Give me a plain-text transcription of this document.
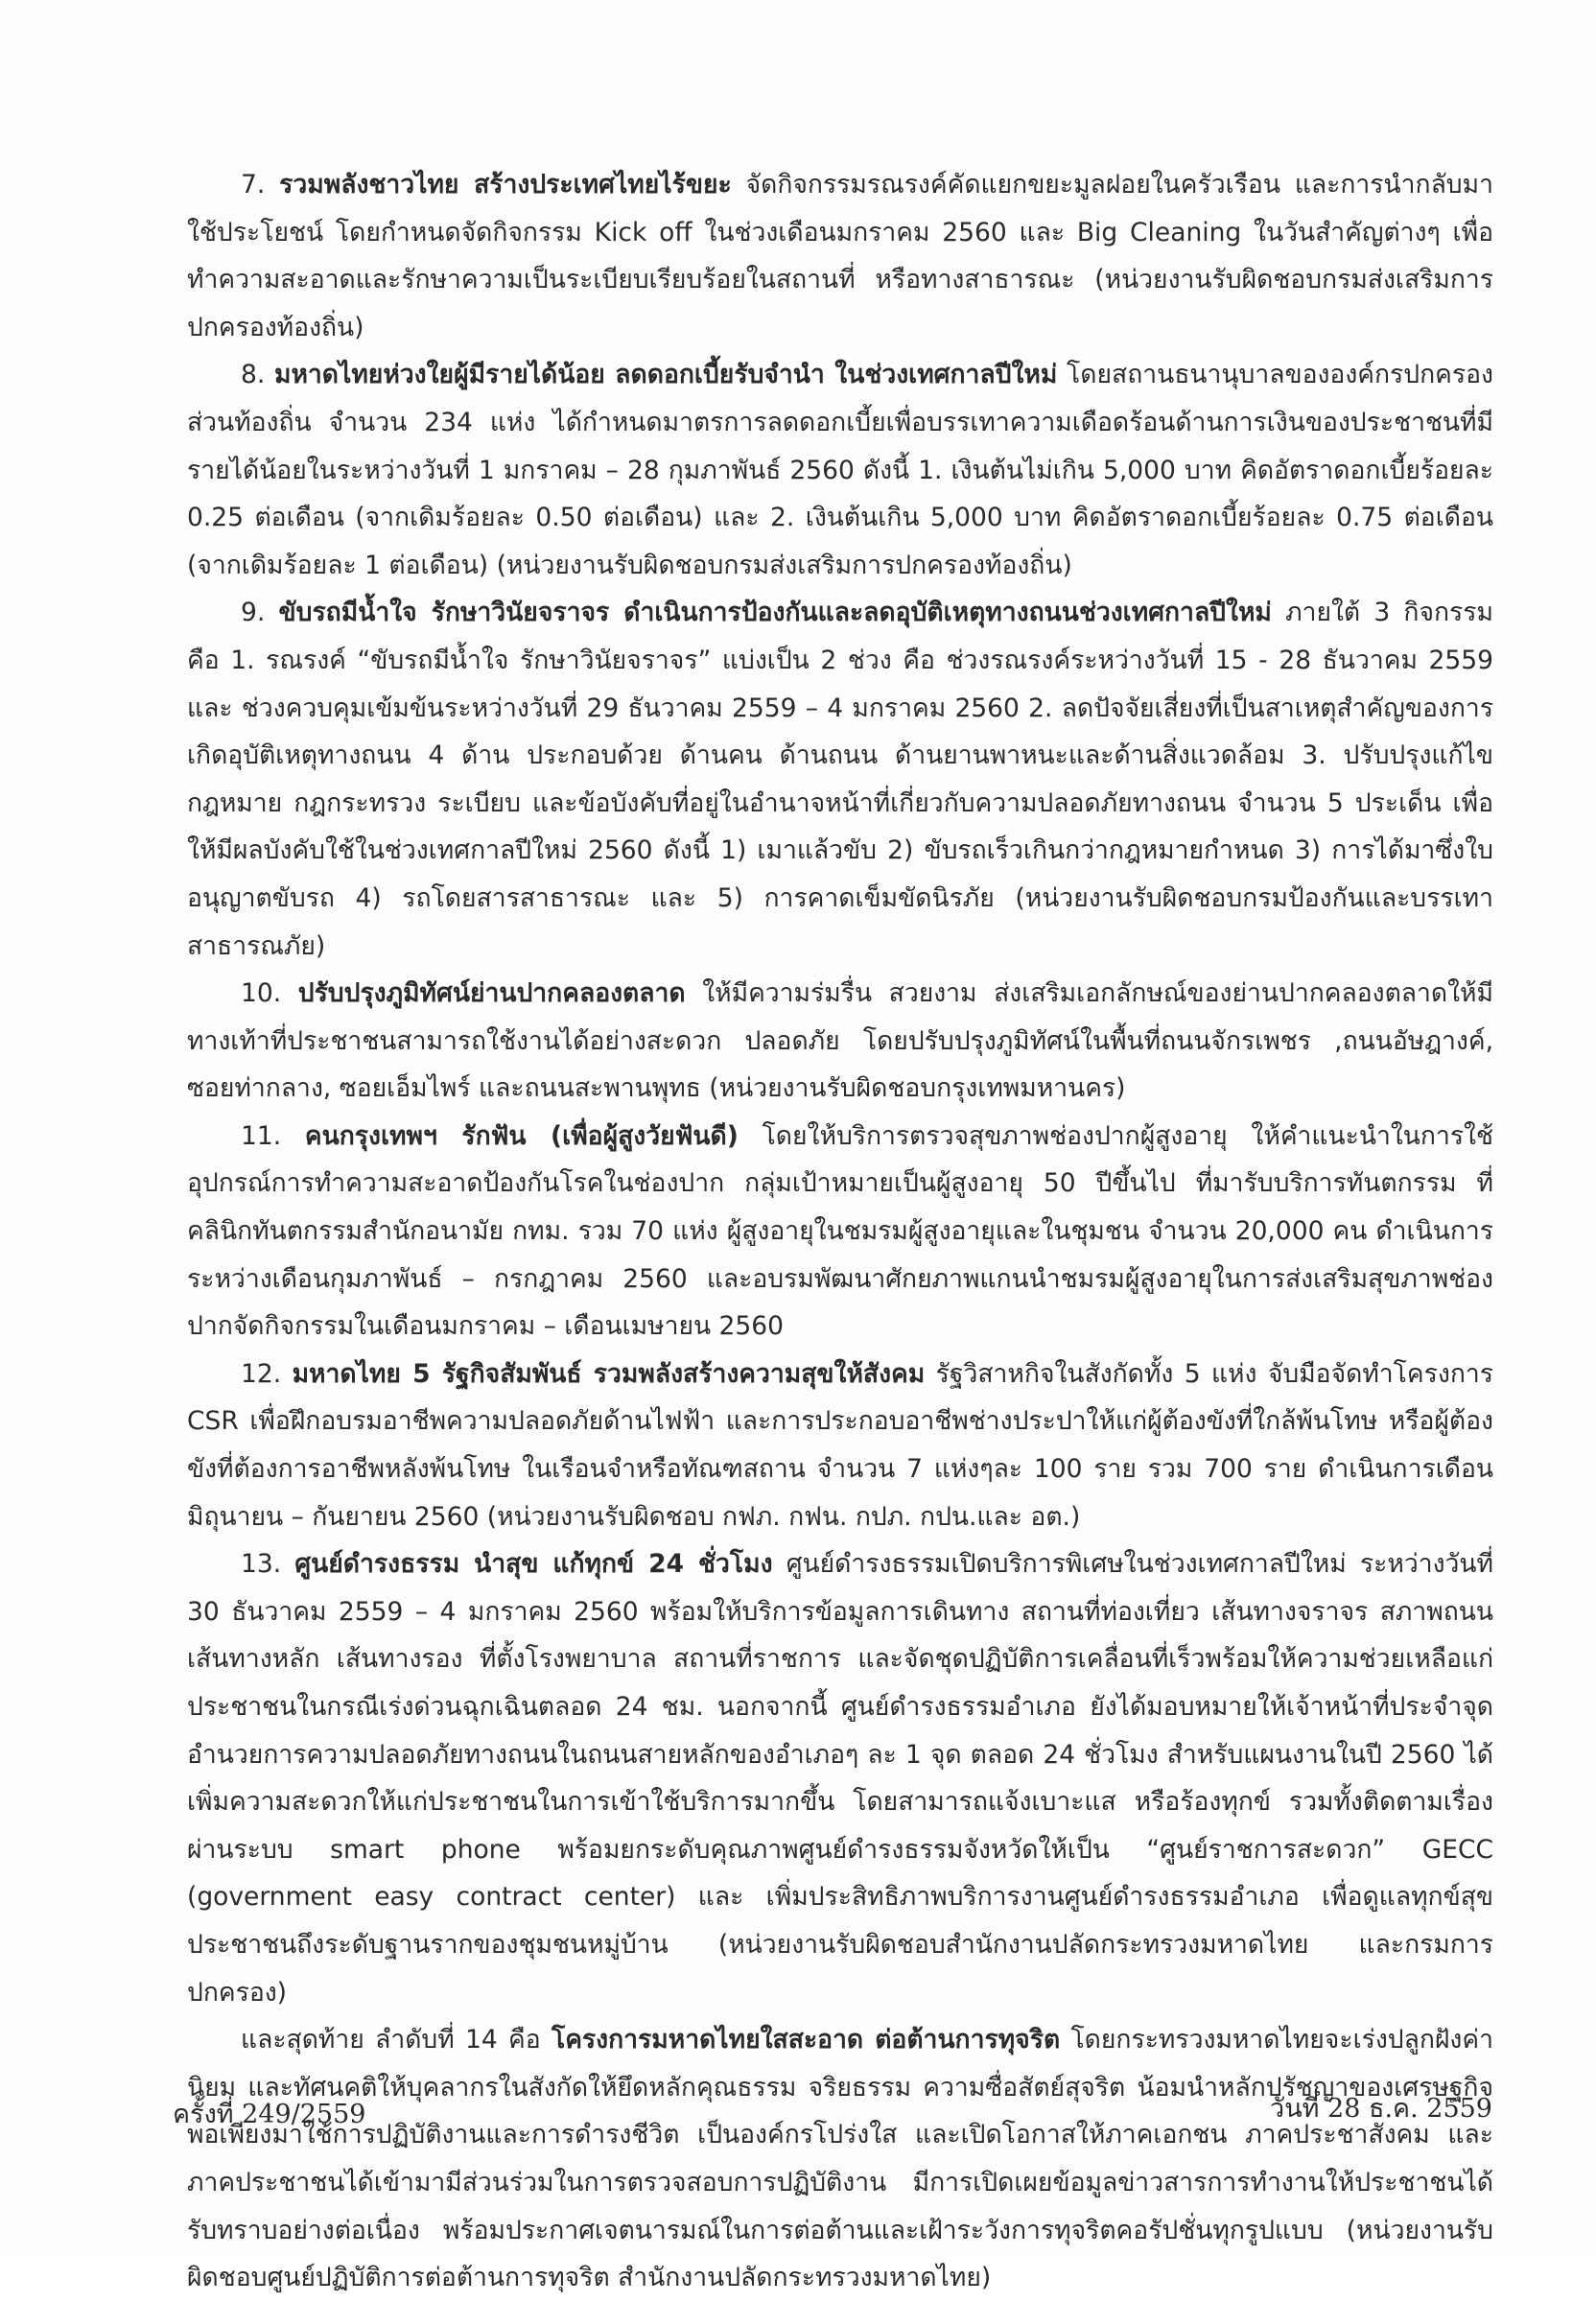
7. รวมพลังชาวไทย สร้างประเทศไทยไร้ขยะ จัดกิจกรรมรณรงค์คัดแยกขยะมูลฝอยในครัวเรือน และการนำกลับมาใช้ประโยชน์ โดยกำหนดจัดกิจกรรม Kick off ในช่วงเดือนมกราคม 2560 และ Big Cleaning ในวันสำคัญต่างๆ เพื่อทำความสะอาดและรักษาความเป็นระเบียบเรียบร้อยในสถานที่ หรือทางสาธารณะ (หน่วยงานรับผิดชอบกรมส่งเสริมการปกครองท้องถิ่น)

8. มหาดไทยห่วงใยผู้มีรายได้น้อย ลดดอกเบี้ยรับจำนำ ในช่วงเทศกาลปีใหม่ โดยสถานธนานุบาลขององค์กรปกครองส่วนท้องถิ่น จำนวน 234 แห่ง ได้กำหนดมาตรการลดดอกเบี้ยเพื่อบรรเทาความเดือดร้อนด้านการเงินของประชาชนที่มีรายได้น้อยในระหว่างวันที่ 1 มกราคม – 28 กุมภาพันธ์ 2560 ดังนี้ 1. เงินต้นไม่เกิน 5,000 บาท คิดอัตราดอกเบี้ยร้อยละ 0.25 ต่อเดือน (จากเดิมร้อยละ 0.50 ต่อเดือน) และ 2. เงินต้นเกิน 5,000 บาท คิดอัตราดอกเบี้ยร้อยละ 0.75 ต่อเดือน (จากเดิมร้อยละ 1 ต่อเดือน) (หน่วยงานรับผิดชอบกรมส่งเสริมการปกครองท้องถิ่น)

9. ขับรถมีน้ำใจ รักษาวินัยจราจร ดำเนินการป้องกันและลดอุบัติเหตุทางถนนช่วงเทศกาลปีใหม่ ภายใต้ 3 กิจกรรม คือ 1. รณรงค์ “ขับรถมีน้ำใจ รักษาวินัยจราจร” แบ่งเป็น 2 ช่วง คือ ช่วงรณรงค์ระหว่างวันที่ 15 - 28 ธันวาคม 2559 และ ช่วงควบคุมเข้มข้นระหว่างวันที่ 29 ธันวาคม 2559 – 4 มกราคม 2560 2. ลดปัจจัยเสี่ยงที่เป็นสาเหตุสำคัญของการเกิดอุบัติเหตุทางถนน 4 ด้าน ประกอบด้วย ด้านคน ด้านถนน ด้านยานพาหนะและด้านสิ่งแวดล้อม 3. ปรับปรุงแก้ไขกฎหมาย กฎกระทรวง ระเบียบ และข้อบังคับที่อยู่ในอำนาจหน้าที่เกี่ยวกับความปลอดภัยทางถนน จำนวน 5 ประเด็น เพื่อให้มีผลบังคับใช้ในช่วงเทศกาลปีใหม่ 2560 ดังนี้ 1) เมาแล้วขับ 2) ขับรถเร็วเกินกว่ากฎหมายกำหนด 3) การได้มาซึ่งใบอนุญาตขับรถ 4) รถโดยสารสาธารณะ และ 5) การคาดเข็มขัดนิรภัย (หน่วยงานรับผิดชอบกรมป้องกันและบรรเทาสาธารณภัย)

10. ปรับปรุงภูมิทัศน์ย่านปากคลองตลาด ให้มีความร่มรื่น สวยงาม ส่งเสริมเอกลักษณ์ของย่านปากคลองตลาดให้มีทางเท้าที่ประชาชนสามารถใช้งานได้อย่างสะดวก ปลอดภัย โดยปรับปรุงภูมิทัศน์ในพื้นที่ถนนจักรเพชร ,ถนนอัษฎางค์, ซอยท่ากลาง, ซอยเอ็มไพร์ และถนนสะพานพุทธ (หน่วยงานรับผิดชอบกรุงเทพมหานคร)

11. คนกรุงเทพฯ รักฟัน (เพื่อผู้สูงวัยฟันดี) โดยให้บริการตรวจสุขภาพช่องปากผู้สูงอายุ ให้คำแนะนำในการใช้อุปกรณ์การทำความสะอาดป้องกันโรคในช่องปาก กลุ่มเป้าหมายเป็นผู้สูงอายุ 50 ปีขึ้นไป ที่มารับบริการทันตกรรม ที่คลินิกทันตกรรมสำนักอนามัย กทม. รวม 70 แห่ง ผู้สูงอายุในชมรมผู้สูงอายุและในชุมชน จำนวน 20,000 คน ดำเนินการระหว่างเดือนกุมภาพันธ์ – กรกฎาคม 2560 และอบรมพัฒนาศักยภาพแกนนำชมรมผู้สูงอายุในการส่งเสริมสุขภาพช่องปากจัดกิจกรรมในเดือนมกราคม – เดือนเมษายน 2560

12. มหาดไทย 5 รัฐกิจสัมพันธ์ รวมพลังสร้างความสุขให้สังคม รัฐวิสาหกิจในสังกัดทั้ง 5 แห่ง จับมือจัดทำโครงการ CSR เพื่อฝึกอบรมอาชีพความปลอดภัยด้านไฟฟ้า และการประกอบอาชีพช่างประปาให้แก่ผู้ต้องขังที่ใกล้พ้นโทษ หรือผู้ต้องขังที่ต้องการอาชีพหลังพ้นโทษ ในเรือนจำหรือทัณฑสถาน จำนวน 7 แห่งๆละ 100 ราย รวม 700 ราย ดำเนินการเดือนมิถุนายน – กันยายน 2560 (หน่วยงานรับผิดชอบ กฟภ. กฟน. กปภ. กปน.และ อต.)

13. ศูนย์ดำรงธรรม นำสุข แก้ทุกข์ 24 ชั่วโมง ศูนย์ดำรงธรรมเปิดบริการพิเศษในช่วงเทศกาลปีใหม่ ระหว่างวันที่ 30 ธันวาคม 2559 – 4 มกราคม 2560 พร้อมให้บริการข้อมูลการเดินทาง สถานที่ท่องเที่ยว เส้นทางจราจร สภาพถนน เส้นทางหลัก เส้นทางรอง ที่ตั้งโรงพยาบาล สถานที่ราชการ และจัดชุดปฏิบัติการเคลื่อนที่เร็วพร้อมให้ความช่วยเหลือแก่ประชาชนในกรณีเร่งด่วนฉุกเฉินตลอด 24 ชม. นอกจากนี้ ศูนย์ดำรงธรรมอำเภอ ยังได้มอบหมายให้เจ้าหน้าที่ประจำจุดอำนวยการความปลอดภัยทางถนนในถนนสายหลักของอำเภอๆ ละ 1 จุด ตลอด 24 ชั่วโมง สำหรับแผนงานในปี 2560 ได้เพิ่มความสะดวกให้แก่ประชาชนในการเข้าใช้บริการมากขึ้น โดยสามารถแจ้งเบาะแส หรือร้องทุกข์ รวมทั้งติดตามเรื่อง ผ่านระบบ smart phone พร้อมยกระดับคุณภาพศูนย์ดำรงธรรมจังหวัดให้เป็น “ศูนย์ราชการสะดวก” GECC (government easy contract center) และ เพิ่มประสิทธิภาพบริการงานศูนย์ดำรงธรรมอำเภอ เพื่อดูแลทุกข์สุขประชาชนถึงระดับฐานรากของชุมชนหมู่บ้าน (หน่วยงานรับผิดชอบสำนักงานปลัดกระทรวงมหาดไทย และกรมการปกครอง)

และสุดท้าย ลำดับที่ 14 คือ โครงการมหาดไทยใสสะอาด ต่อต้านการทุจริต โดยกระทรวงมหาดไทยจะเร่งปลูกฝังค่านิยม และทัศนคติให้บุคลากรในสังกัดให้ยึดหลักคุณธรรม จริยธรรม ความซื่อสัตย์สุจริต น้อมนำหลักปรัชญาของเศรษฐกิจพอเพียงมาใช้การปฏิบัติงานและการดำรงชีวิต เป็นองค์กรโปร่งใส และเปิดโอกาสให้ภาคเอกชน ภาคประชาสังคม และภาคประชาชนได้เข้ามามีส่วนร่วมในการตรวจสอบการปฏิบัติงาน มีการเปิดเผยข้อมูลข่าวสารการทำงานให้ประชาชนได้รับทราบอย่างต่อเนื่อง พร้อมประกาศเจตนารมณ์ในการต่อต้านและเฝ้าระวังการทุจริตคอรัปชั่นทุกรูปแบบ (หน่วยงานรับผิดชอบศูนย์ปฏิบัติการต่อต้านการทุจริต สำนักงานปลัดกระทรวงมหาดไทย)

ครั้งที่ 249/2559	วันที่ 28 ธ.ค. 2559
